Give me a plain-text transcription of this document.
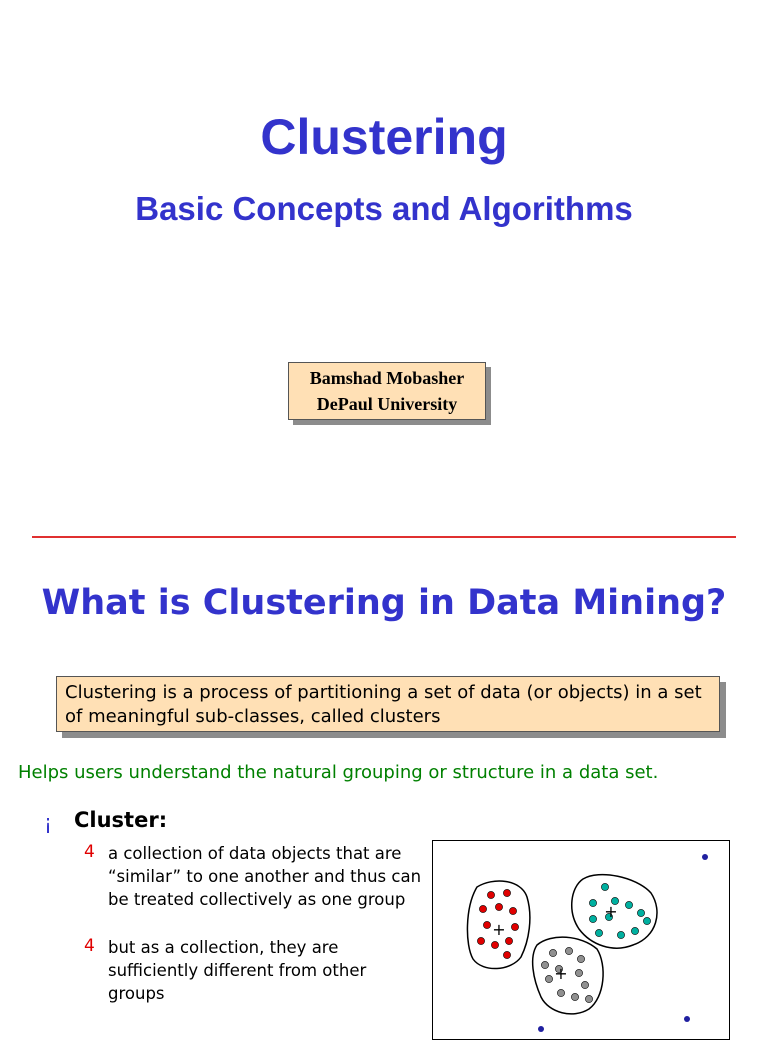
Clustering
Basic Concepts and Algorithms
Bamshad Mobasher
DePaul University
What is Clustering in Data Mining?
Clustering is a process of partitioning a set of data (or objects) in a set of meaningful sub-classes, called clusters
Helps users understand the natural grouping or structure in a data set.
¡ Cluster:
4 a collection of data objects that are “similar” to one another and thus can be treated collectively as one group
4 but as a collection, they are sufficiently different from other groups
+
+
+
